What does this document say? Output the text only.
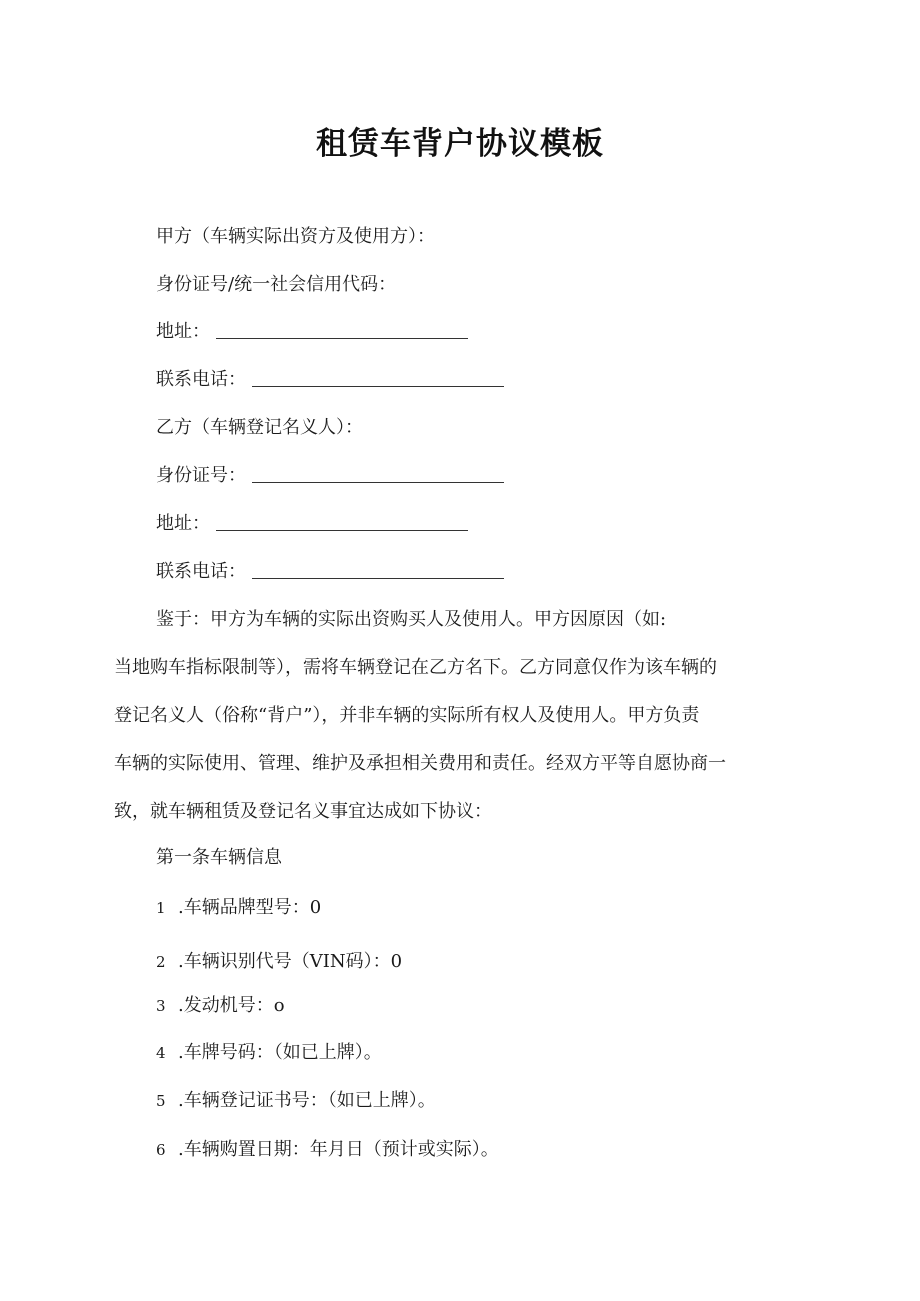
租赁车背户协议模板
甲方（车辆实际出资方及使用方）：
身份证号/统一社会信用代码：
地址：
联系电话：
乙方（车辆登记名义人）：
身份证号：
地址：
联系电话：
鉴于：甲方为车辆的实际出资购买人及使用人。甲方因原因（如:
当地购车指标限制等），需将车辆登记在乙方名下。乙方同意仅作为该车辆的
登记名义人（俗称“背户”），并非车辆的实际所有权人及使用人。甲方负责
车辆的实际使用、管理、维护及承担相关费用和责任。经双方平等自愿协商一
致，就车辆租赁及登记名义事宜达成如下协议：
第一条车辆信息
1 .车辆品牌型号：0
2 .车辆识别代号（VIN码）：0
3 .发动机号：o
4 .车牌号码：（如已上牌）。
5 .车辆登记证书号：（如已上牌）。
6 .车辆购置日期：年月日（预计或实际）。
